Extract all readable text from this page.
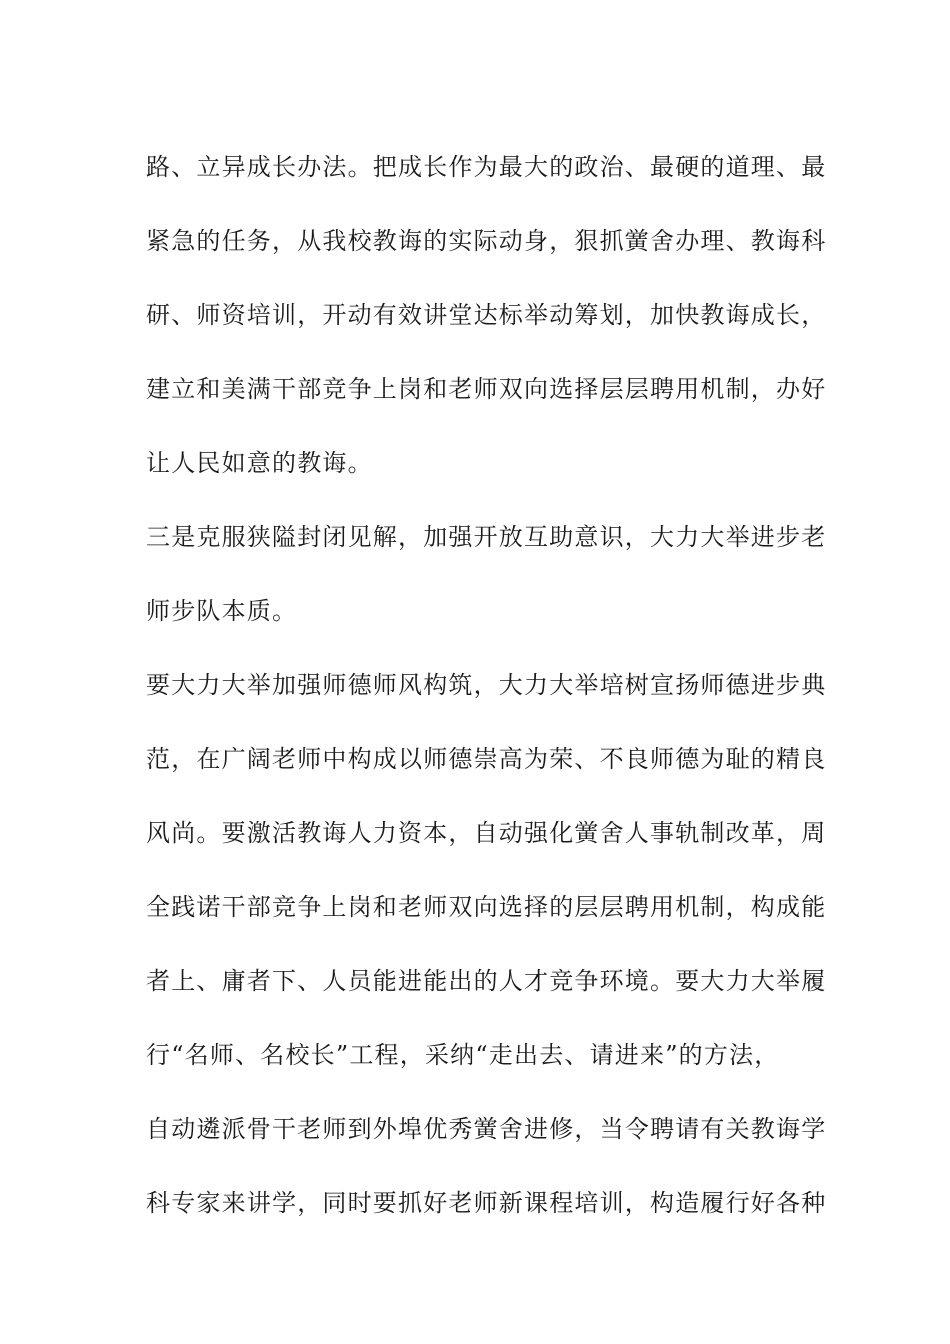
路、立异成长办法。把成长作为最大的政治、最硬的道理、最
紧急的任务，从我校教诲的实际动身，狠抓黉舍办理、教诲科
研、师资培训，开动有效讲堂达标举动筹划，加快教诲成长，
建立和美满干部竞争上岗和老师双向选择层层聘用机制，办好
让人民如意的教诲。
三是克服狭隘封闭见解，加强开放互助意识，大力大举进步老
师步队本质。
要大力大举加强师德师风构筑，大力大举培树宣扬师德进步典
范，在广阔老师中构成以师德崇高为荣、不良师德为耻的精良
风尚。要激活教诲人力资本，自动强化黉舍人事轨制改革，周
全践诺干部竞争上岗和老师双向选择的层层聘用机制，构成能
者上、庸者下、人员能进能出的人才竞争环境。要大力大举履
行“名师、名校长”工程，采纳“走出去、请进来”的方法，
自动遴派骨干老师到外埠优秀黉舍进修，当令聘请有关教诲学
科专家来讲学，同时要抓好老师新课程培训，构造履行好各种
